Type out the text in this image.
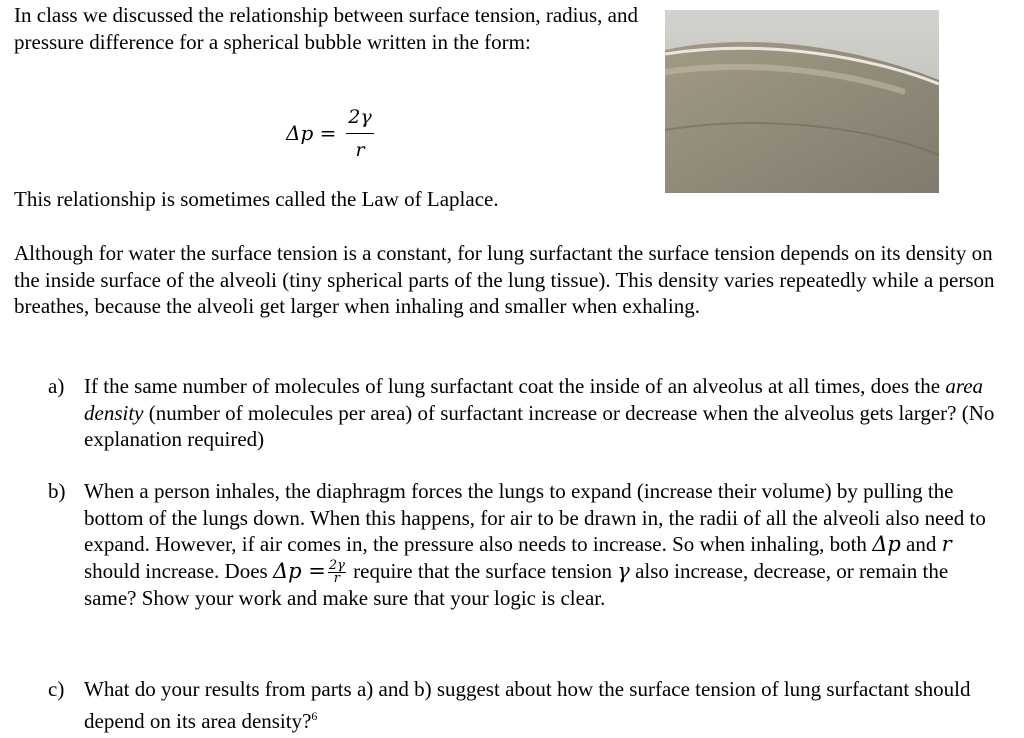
In class we discussed the relationship between surface tension, radius, and pressure difference for a spherical bubble written in the form:
Δp =
2γ
r
This relationship is sometimes called the Law of Laplace.
Although for water the surface tension is a constant, for lung surfactant the surface tension depends on its density on the inside surface of the alveoli (tiny spherical parts of the lung tissue). This density varies repeatedly while a person breathes, because the alveoli get larger when inhaling and smaller when exhaling.
a) If the same number of molecules of lung surfactant coat the inside of an alveolus at all times, does the area density (number of molecules per area) of surfactant increase or decrease when the alveolus gets larger? (No explanation required)
b) When a person inhales, the diaphragm forces the lungs to expand (increase their volume) by pulling the bottom of the lungs down. When this happens, for air to be drawn in, the radii of all the alveoli also need to expand. However, if air comes in, the pressure also needs to increase. So when inhaling, both Δp and r should increase. Does $\Delta p = \frac{2\gamma}{r}$ require that the surface tension γ also increase, decrease, or remain the same? Show your work and make sure that your logic is clear.
c) What do your results from parts a) and b) suggest about how the surface tension of lung surfactant should depend on its area density?$^6$
